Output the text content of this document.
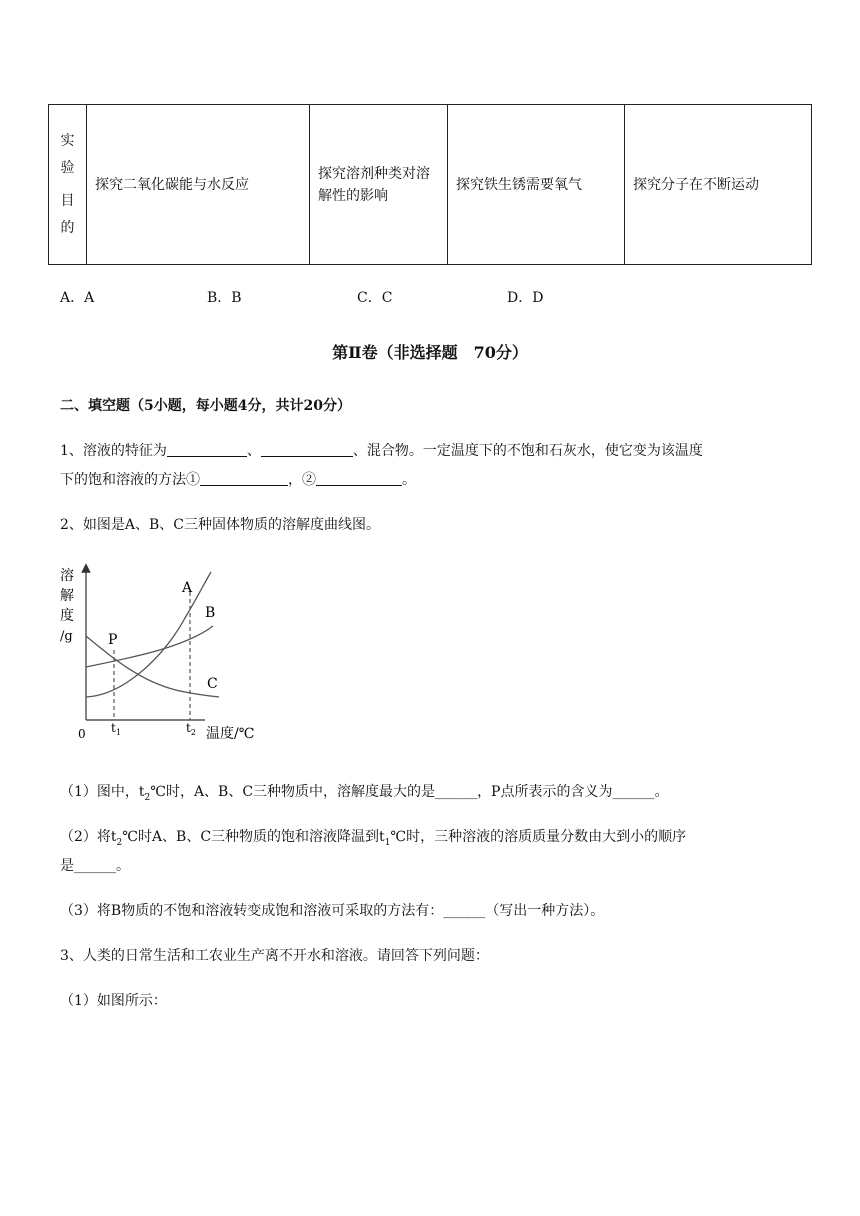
实
验
目
的
	探究二氧化碳能与水反应	探究溶剂种类对溶解性的影响	探究铁生锈需要氧气	探究分子在不断运动
A．A	B．B	C．C	D．D
第Ⅱ卷（非选择题　70分）
二、填空题（5小题，每小题4分，共计20分）
1、溶液的特征为	、	、混合物。一定温度下的不饱和石灰水，使它变为该温度
下的饱和溶液的方法①	，②	。
2、如图是A、B、C三种固体物质的溶解度曲线图。
溶
解
度
/g
0 $t_1$	$t_2$ 温度/℃
A
B
C
P
（1）图中，$t_2℃$时，A、B、C三种物质中，溶解度最大的是______，P点所表示的含义为______。
（2）将$t_2℃$时A、B、C三种物质的饱和溶液降温到$t_1℃$时，三种溶液的溶质质量分数由大到小的顺序
是______。
（3）将B物质的不饱和溶液转变成饱和溶液可采取的方法有：______（写出一种方法）。
3、人类的日常生活和工农业生产离不开水和溶液。请回答下列问题：
（1）如图所示：
